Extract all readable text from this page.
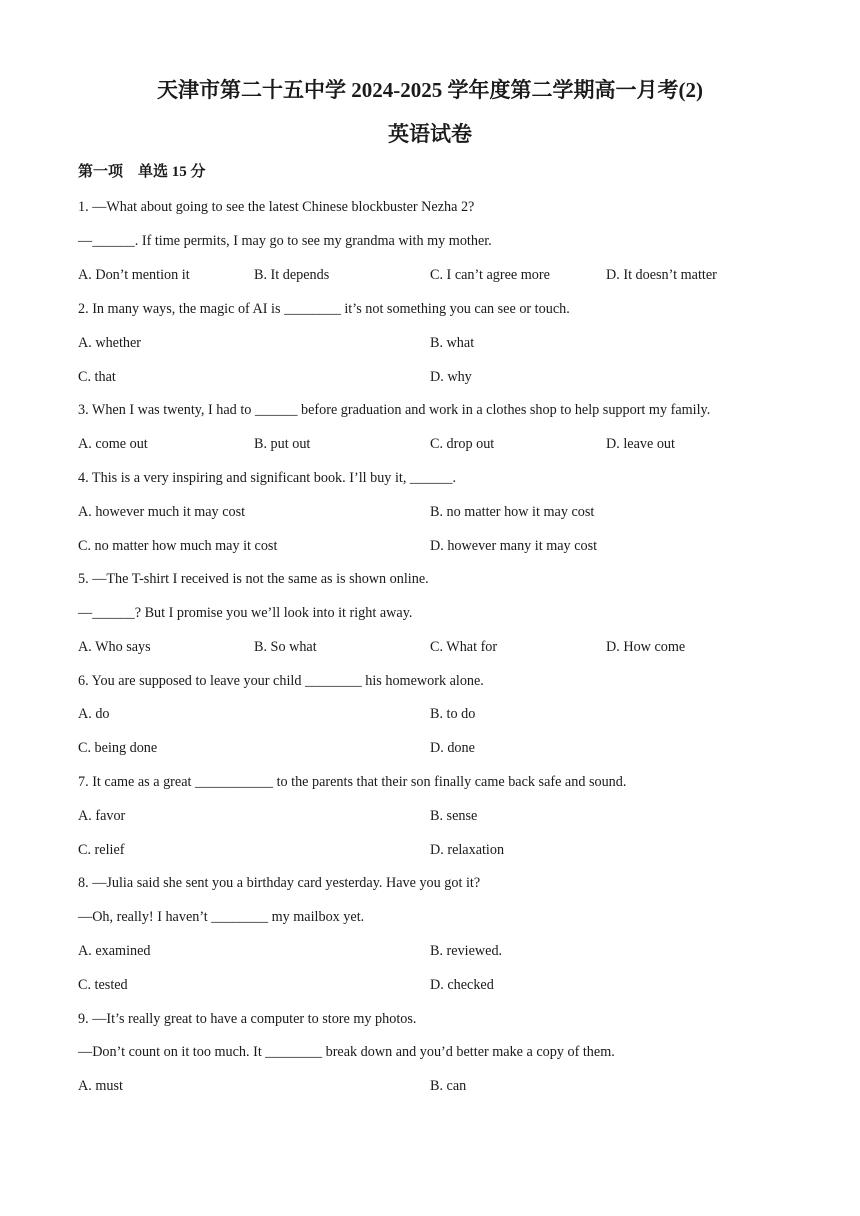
天津市第二十五中学 2024-2025 学年度第二学期高一月考(2)
英语试卷
第一项　单选 15 分
1. —What about going to see the latest Chinese blockbuster Nezha 2?
—______. If time permits, I may go to see my grandma with my mother.
A. Don’t mention it	B. It depends	C. I can’t agree more	D. It doesn’t matter
2. In many ways, the magic of AI is ________ it’s not something you can see or touch.
A. whether	B. what
C. that	D. why
3. When I was twenty, I had to ______ before graduation and work in a clothes shop to help support my family.
A. come out	B. put out	C. drop out	D. leave out
4. This is a very inspiring and significant book. I’ll buy it, ______.
A. however much it may cost	B. no matter how it may cost
C. no matter how much may it cost	D. however many it may cost
5. —The T-shirt I received is not the same as is shown online.
—______? But I promise you we’ll look into it right away.
A. Who says	B. So what	C. What for	D. How come
6. You are supposed to leave your child ________ his homework alone.
A. do	B. to do
C. being done	D. done
7. It came as a great ___________ to the parents that their son finally came back safe and sound.
A. favor	B. sense
C. relief	D. relaxation
8. —Julia said she sent you a birthday card yesterday. Have you got it?
—Oh, really! I haven’t ________ my mailbox yet.
A. examined	B. reviewed.
C. tested	D. checked
9. —It’s really great to have a computer to store my photos.
—Don’t count on it too much. It ________ break down and you’d better make a copy of them.
A. must	B. can
